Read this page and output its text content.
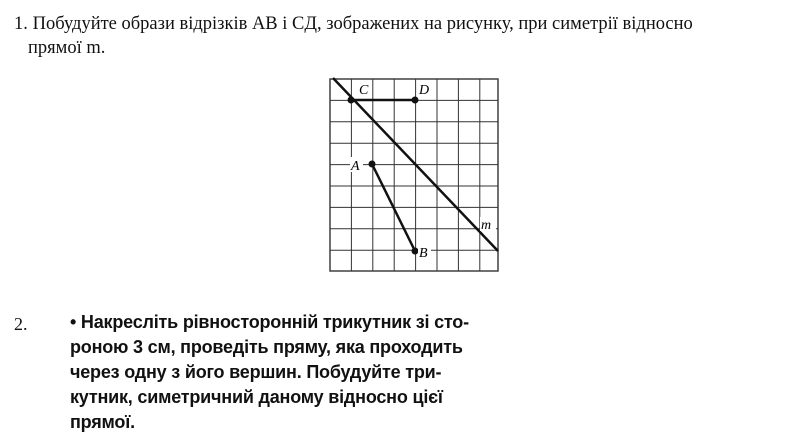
1. Побудуйте образи відрізків AB і CД, зображених на рисунку, при симетрії відносно
прямої m.
C	D
A
B
m
2. • Накресліть рівносторонній трикутник зі сто-
роною 3 см, проведіть пряму, яка проходить
через одну з його вершин. Побудуйте три-
кутник, симетричний даному відносно цієї
прямої.
